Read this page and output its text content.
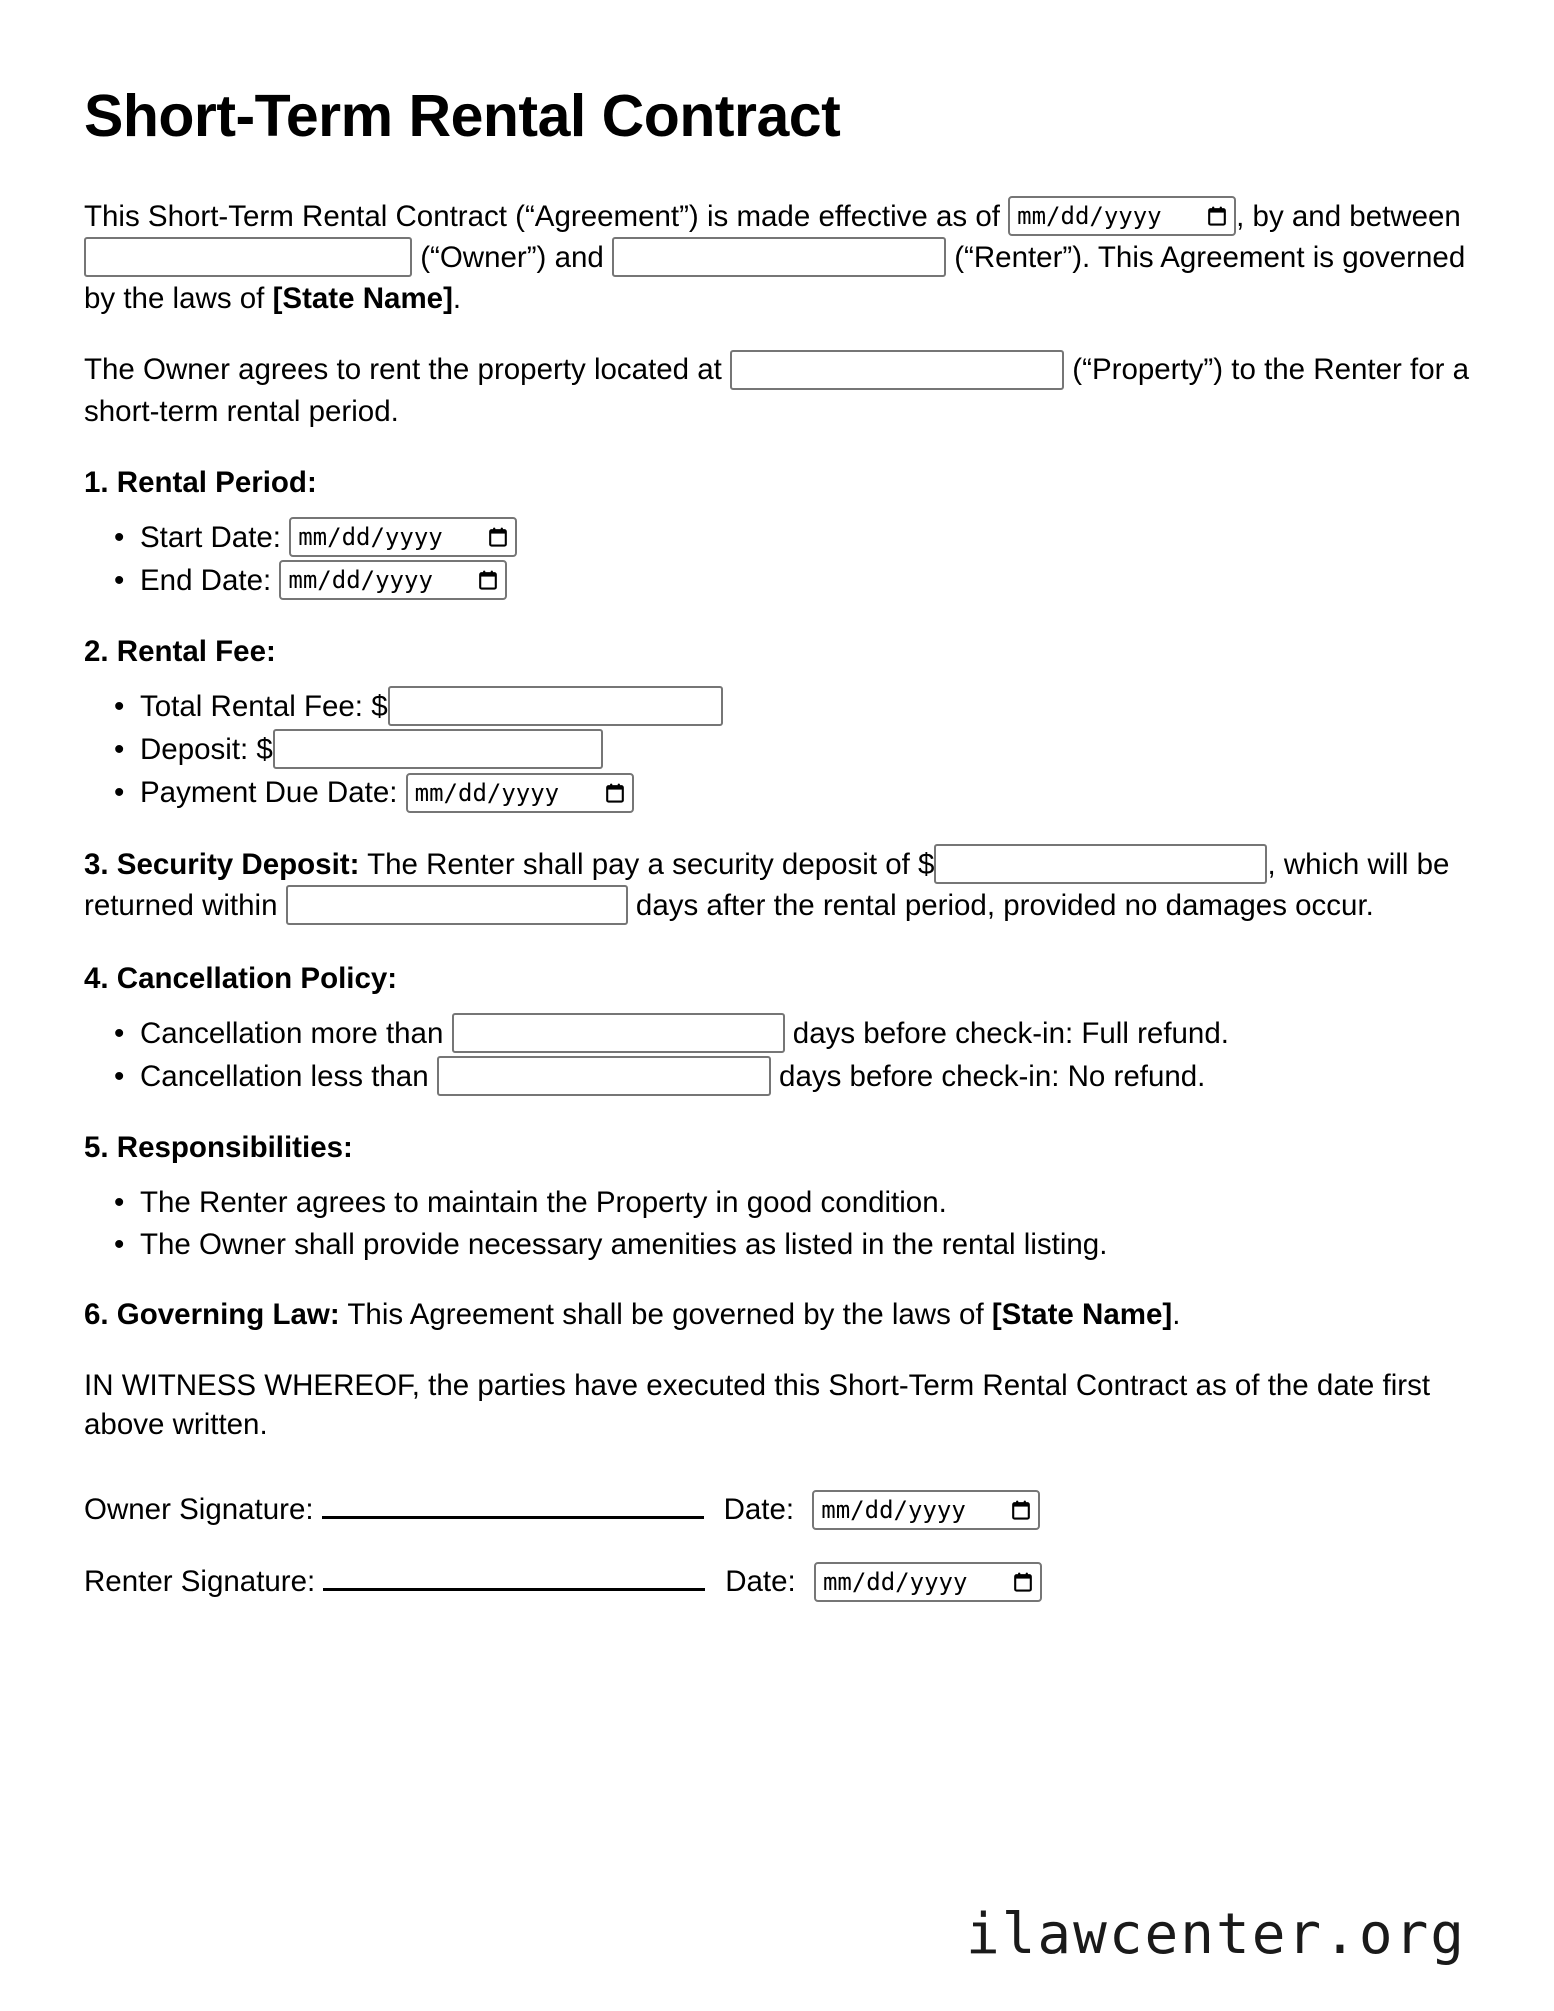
Short-Term Rental Contract

This Short-Term Rental Contract (“Agreement”) is made effective as of mm/dd/yyyy	, by and between  (“Owner”) and	(“Renter”). This Agreement is governed by the laws of [State Name].

The Owner agrees to rent the property located at	(“Property”) to the Renter for a short-term rental period.

1. Rental Period:
• Start Date: mm/dd/yyyy
• End Date: mm/dd/yyyy
2. Rental Fee:
• Total Rental Fee: $
• Deposit: $
• Payment Due Date: mm/dd/yyyy

3. Security Deposit: The Renter shall pay a security deposit of $	, which will be returned within	days after the rental period, provided no damages occur.

4. Cancellation Policy:
• Cancellation more than	days before check-in: Full refund.
• Cancellation less than	days before check-in: No refund.
5. Responsibilities:
• The Renter agrees to maintain the Property in good condition.
• The Owner shall provide necessary amenities as listed in the rental listing.

6. Governing Law: This Agreement shall be governed by the laws of [State Name].

IN WITNESS WHEREOF, the parties have executed this Short-Term Rental Contract as of the date first above written.

Owner Signature:	Date: mm/dd/yyyy
Renter Signature:	Date: mm/dd/yyyy
ilawcenter.org
